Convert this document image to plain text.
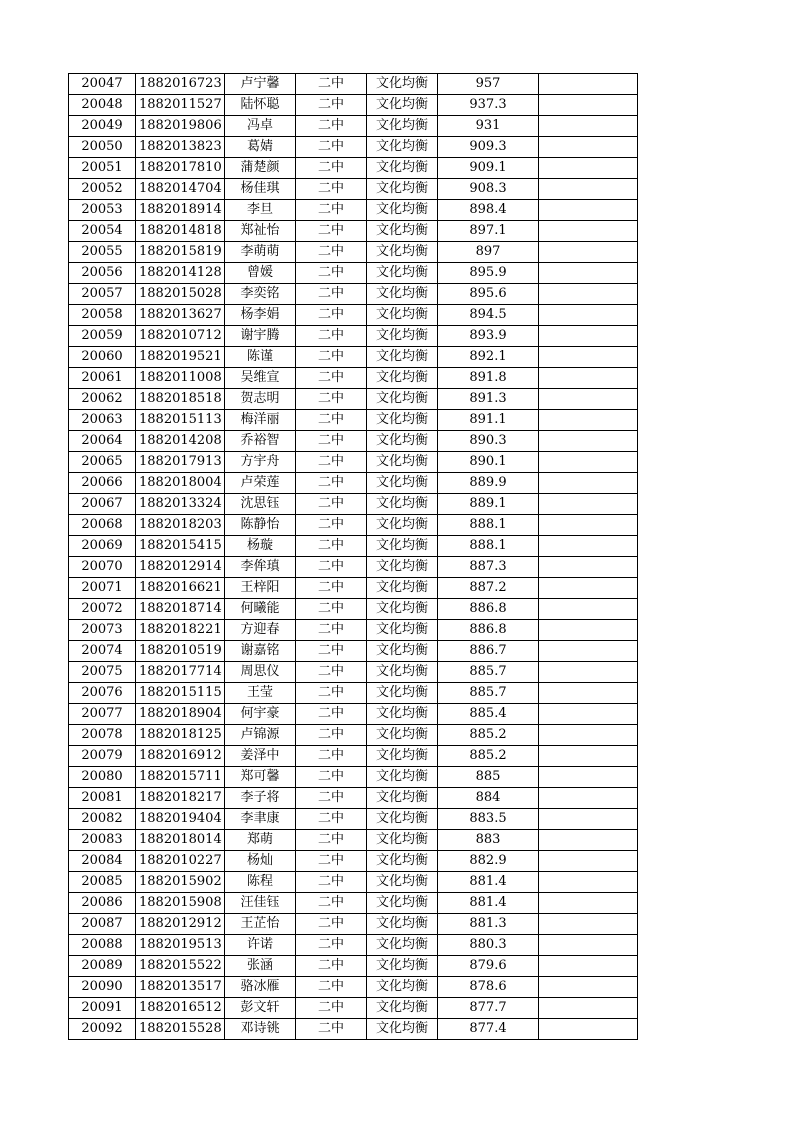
20047	1882016723	卢宁馨	二中	文化均衡	957	
20048	1882011527	陆怀聪	二中	文化均衡	937.3	
20049	1882019806	冯卓	二中	文化均衡	931	
20050	1882013823	葛婧	二中	文化均衡	909.3	
20051	1882017810	蒲楚颜	二中	文化均衡	909.1	
20052	1882014704	杨佳琪	二中	文化均衡	908.3	
20053	1882018914	李旦	二中	文化均衡	898.4	
20054	1882014818	郑祉怡	二中	文化均衡	897.1	
20055	1882015819	李萌萌	二中	文化均衡	897	
20056	1882014128	曾媛	二中	文化均衡	895.9	
20057	1882015028	李奕铭	二中	文化均衡	895.6	
20058	1882013627	杨李娟	二中	文化均衡	894.5	
20059	1882010712	谢宇腾	二中	文化均衡	893.9	
20060	1882019521	陈谨	二中	文化均衡	892.1	
20061	1882011008	吴维宣	二中	文化均衡	891.8	
20062	1882018518	贺志明	二中	文化均衡	891.3	
20063	1882015113	梅洋丽	二中	文化均衡	891.1	
20064	1882014208	乔裕智	二中	文化均衡	890.3	
20065	1882017913	方宇舟	二中	文化均衡	890.1	
20066	1882018004	卢荣莲	二中	文化均衡	889.9	
20067	1882013324	沈思钰	二中	文化均衡	889.1	
20068	1882018203	陈静怡	二中	文化均衡	888.1	
20069	1882015415	杨璇	二中	文化均衡	888.1	
20070	1882012914	李侔瑱	二中	文化均衡	887.3	
20071	1882016621	王梓阳	二中	文化均衡	887.2	
20072	1882018714	何曦能	二中	文化均衡	886.8	
20073	1882018221	方迎春	二中	文化均衡	886.8	
20074	1882010519	谢嘉铭	二中	文化均衡	886.7	
20075	1882017714	周思仪	二中	文化均衡	885.7	
20076	1882015115	王莹	二中	文化均衡	885.7	
20077	1882018904	何宇豪	二中	文化均衡	885.4	
20078	1882018125	卢锦源	二中	文化均衡	885.2	
20079	1882016912	姜泽中	二中	文化均衡	885.2	
20080	1882015711	郑可馨	二中	文化均衡	885	
20081	1882018217	李子将	二中	文化均衡	884	
20082	1882019404	李聿康	二中	文化均衡	883.5	
20083	1882018014	郑萌	二中	文化均衡	883	
20084	1882010227	杨灿	二中	文化均衡	882.9	
20085	1882015902	陈程	二中	文化均衡	881.4	
20086	1882015908	汪佳钰	二中	文化均衡	881.4	
20087	1882012912	王芷怡	二中	文化均衡	881.3	
20088	1882019513	许诺	二中	文化均衡	880.3	
20089	1882015522	张涵	二中	文化均衡	879.6	
20090	1882013517	骆冰雁	二中	文化均衡	878.6	
20091	1882016512	彭文轩	二中	文化均衡	877.7	
20092	1882015528	邓诗铫	二中	文化均衡	877.4	
